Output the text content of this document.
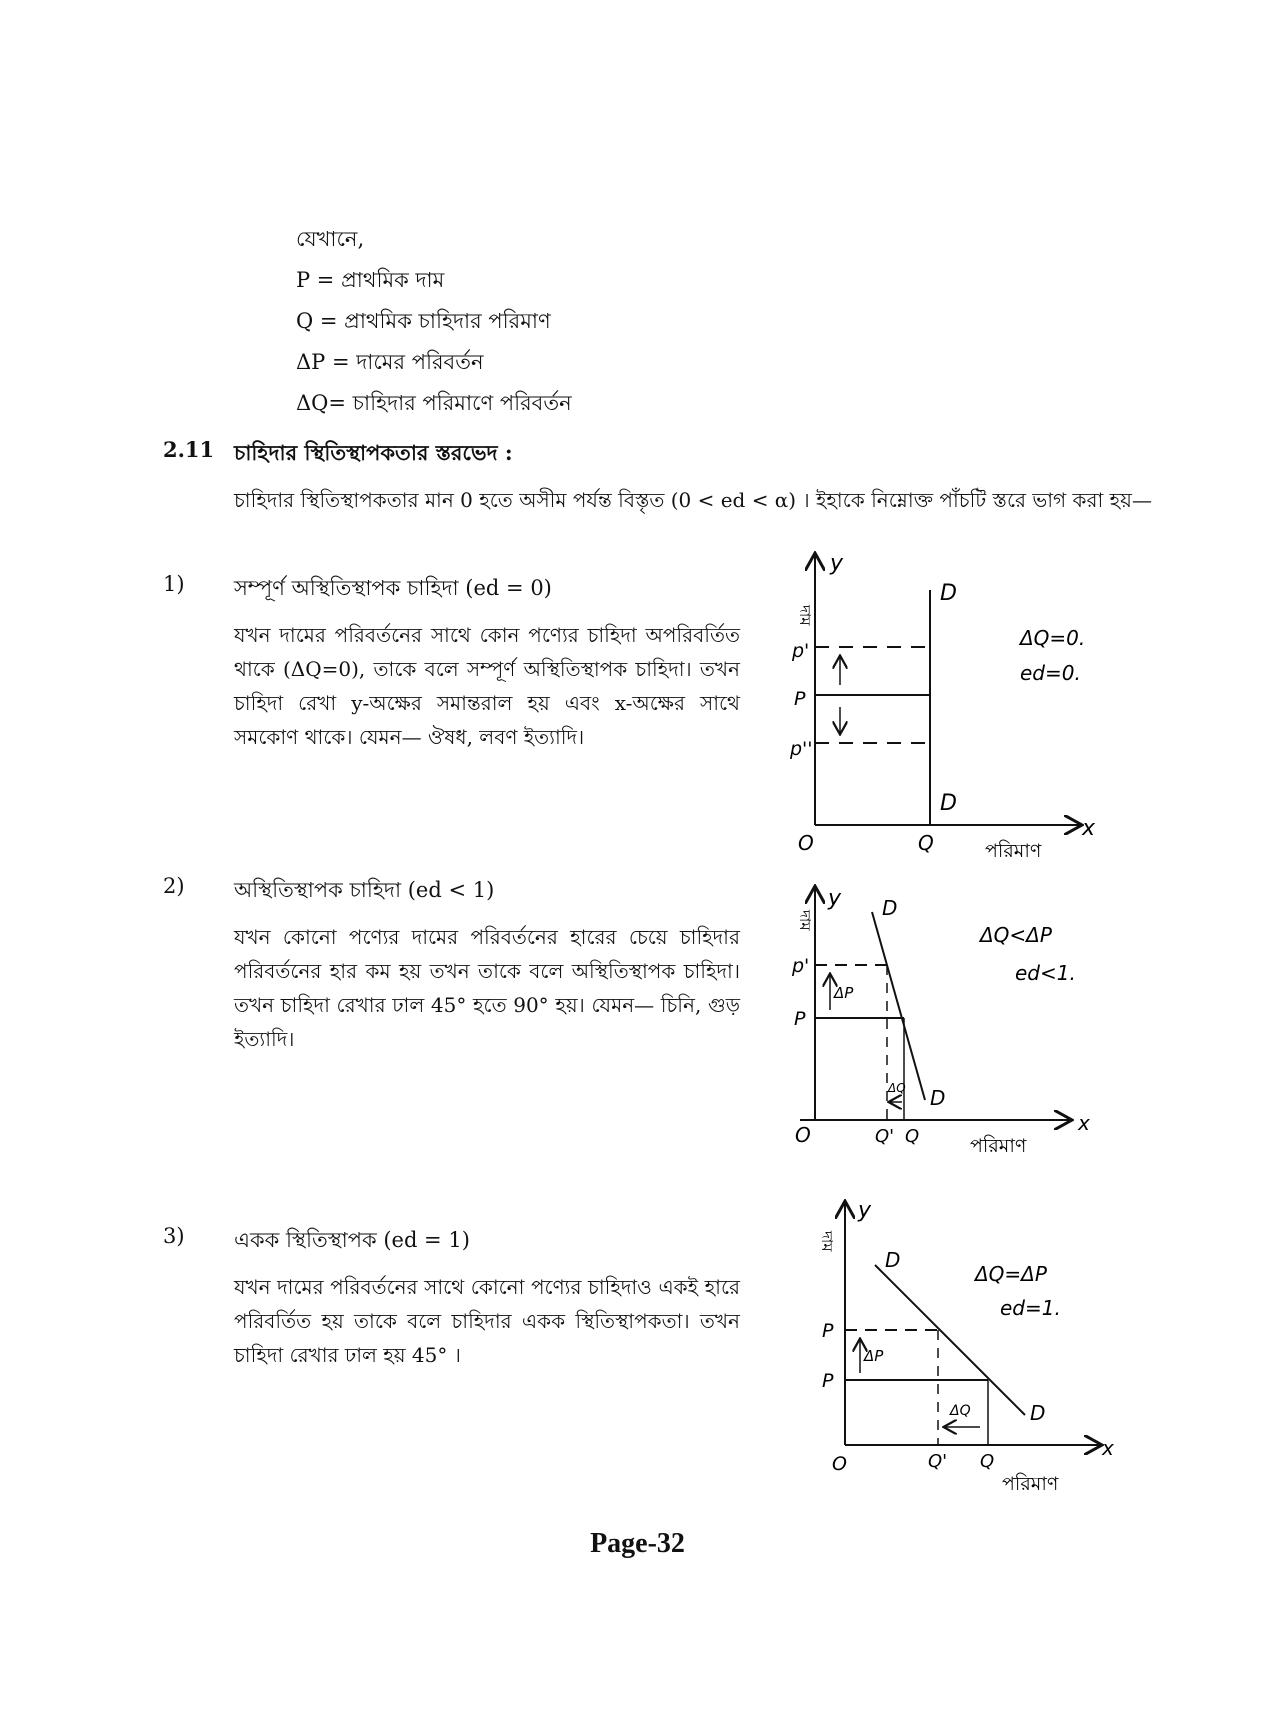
যেখানে,
P = প্রাথমিক দাম
Q = প্রাথমিক চাহিদার পরিমাণ
ΔP = দামের পরিবর্তন
ΔQ= চাহিদার পরিমাণে পরিবর্তন
2.11 চাহিদার স্থিতিস্থাপকতার স্তরভেদ :
চাহিদার স্থিতিস্থাপকতার মান 0 হতে অসীম পর্যন্ত বিস্তৃত (0 < ed < α) । ইহাকে নিম্নোক্ত পাঁচটি স্তরে ভাগ করা হয়—
1) সম্পূর্ণ অস্থিতিস্থাপক চাহিদা (ed = 0)
যখন দামের পরিবর্তনের সাথে কোন পণ্যের চাহিদা অপরিবর্তিত থাকে (ΔQ=0), তাকে বলে সম্পূর্ণ অস্থিতিস্থাপক চাহিদা। তখন চাহিদা রেখা y-অক্ষের সমান্তরাল হয় এবং x-অক্ষের সাথে সমকোণ থাকে। যেমন— ঔষধ, লবণ ইত্যাদি।
2) অস্থিতিস্থাপক চাহিদা (ed < 1)
যখন কোনো পণ্যের দামের পরিবর্তনের হারের চেয়ে চাহিদার পরিবর্তনের হার কম হয় তখন তাকে বলে অস্থিতিস্থাপক চাহিদা। তখন চাহিদা রেখার ঢাল 45° হতে 90° হয়। যেমন— চিনি, গুড় ইত্যাদি।
3) একক স্থিতিস্থাপক (ed = 1)
যখন দামের পরিবর্তনের সাথে কোনো পণ্যের চাহিদাও একই হারে পরিবর্তিত হয় তাকে বলে চাহিদার একক স্থিতিস্থাপকতা। তখন চাহিদা রেখার ঢাল হয় 45° ।
y
x
দাম
পরিমাণ
O
D
D
p'
P
p''
Q
ΔQ=0.
ed=0.
y
x
দাম
পরিমাণ
O
D
D
p'
P
ΔP
ΔQ
Q' Q
ΔQ<ΔP
ed<1.
y
x
দাম
পরিমাণ
O
D
D
P
P
ΔP
ΔQ
Q' Q
ΔQ=ΔP
ed=1.
Page-32
